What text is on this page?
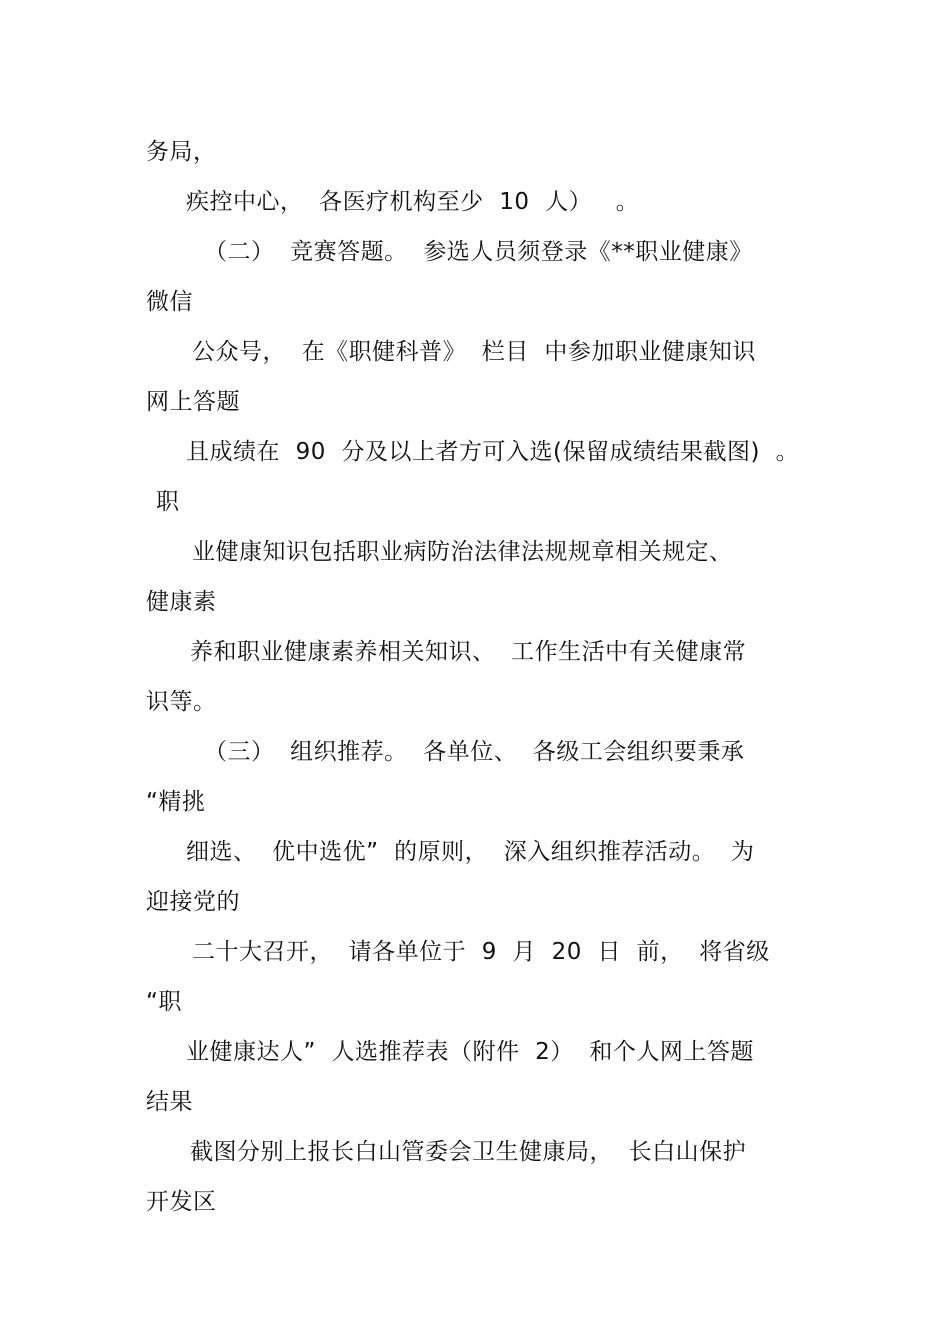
务局，
疾控中心，  各医疗机构至少  10  人）   。
（二）  竞赛答题。  参选人员须登录《**职业健康》
微信
公众号，  在《职健科普》  栏目  中参加职业健康知识
网上答题
且成绩在  90  分及以上者方可入选(保留成绩结果截图)  。
职
业健康知识包括职业病防治法律法规规章相关规定、
健康素
养和职业健康素养相关知识、  工作生活中有关健康常
识等。
（三）  组织推荐。  各单位、  各级工会组织要秉承
“精挑
细选、  优中选优”  的原则，  深入组织推荐活动。  为
迎接党的
二十大召开，  请各单位于  9  月  20  日  前，  将省级
“职
业健康达人”  人选推荐表（附件  2）  和个人网上答题
结果
截图分别上报长白山管委会卫生健康局，  长白山保护
开发区
